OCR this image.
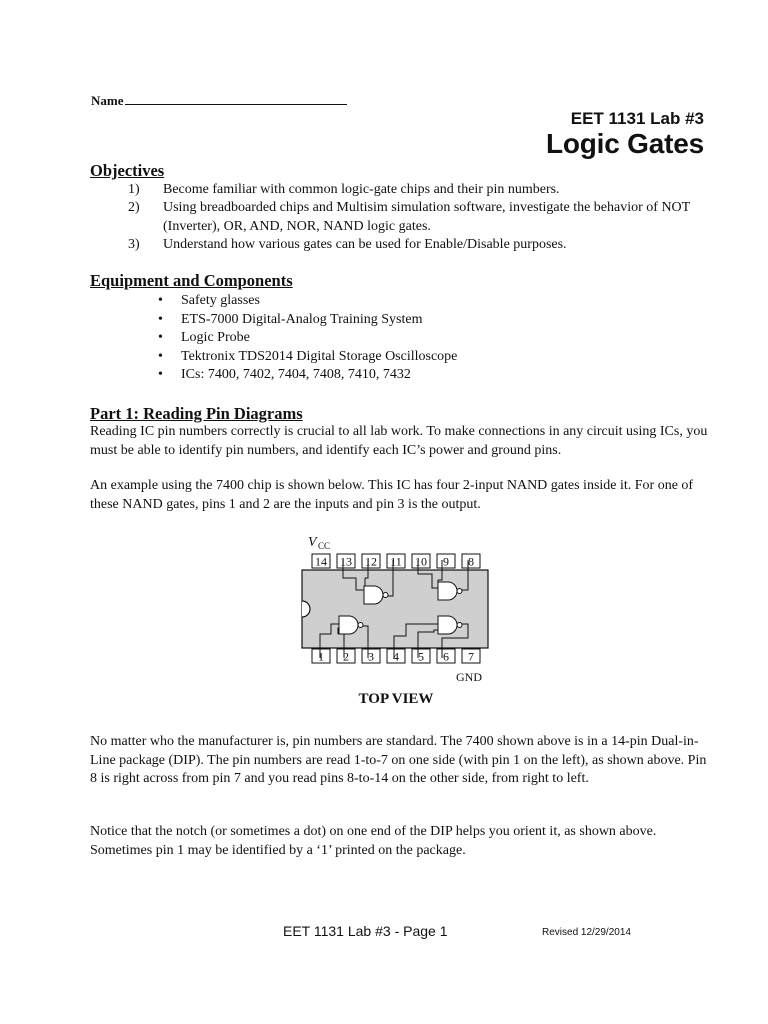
Name
EET 1131 Lab #3
Logic Gates
Objectives
1) Become familiar with common logic-gate chips and their pin numbers.
2) Using breadboarded chips and Multisim simulation software, investigate the behavior of NOT (Inverter), OR, AND, NOR, NAND logic gates.
3) Understand how various gates can be used for Enable/Disable purposes.
Equipment and Components
• Safety glasses
• ETS-7000 Digital-Analog Training System
• Logic Probe
• Tektronix TDS2014 Digital Storage Oscilloscope
• ICs: 7400, 7402, 7404, 7408, 7410, 7432
Part 1: Reading Pin Diagrams

Reading IC pin numbers correctly is crucial to all lab work. To make connections in any circuit using ICs, you must be able to identify pin numbers, and identify each IC’s power and ground pins.

An example using the 7400 chip is shown below. This IC has four 2-input NAND gates inside it. For one of these NAND gates, pins 1 and 2 are the inputs and pin 3 is the output.

V CC
14 13 12 11 10 9 8
1 2 3 4 5 6 7
GND
TOP VIEW

No matter who the manufacturer is, pin numbers are standard. The 7400 shown above is in a 14-pin Dual-in-Line package (DIP). The pin numbers are read 1-to-7 on one side (with pin 1 on the left), as shown above. Pin 8 is right across from pin 7 and you read pins 8-to-14 on the other side, from right to left.

Notice that the notch (or sometimes a dot) on one end of the DIP helps you orient it, as shown above. Sometimes pin 1 may be identified by a ‘1’ printed on the package.

EET 1131 Lab #3 - Page 1	Revised 12/29/2014
